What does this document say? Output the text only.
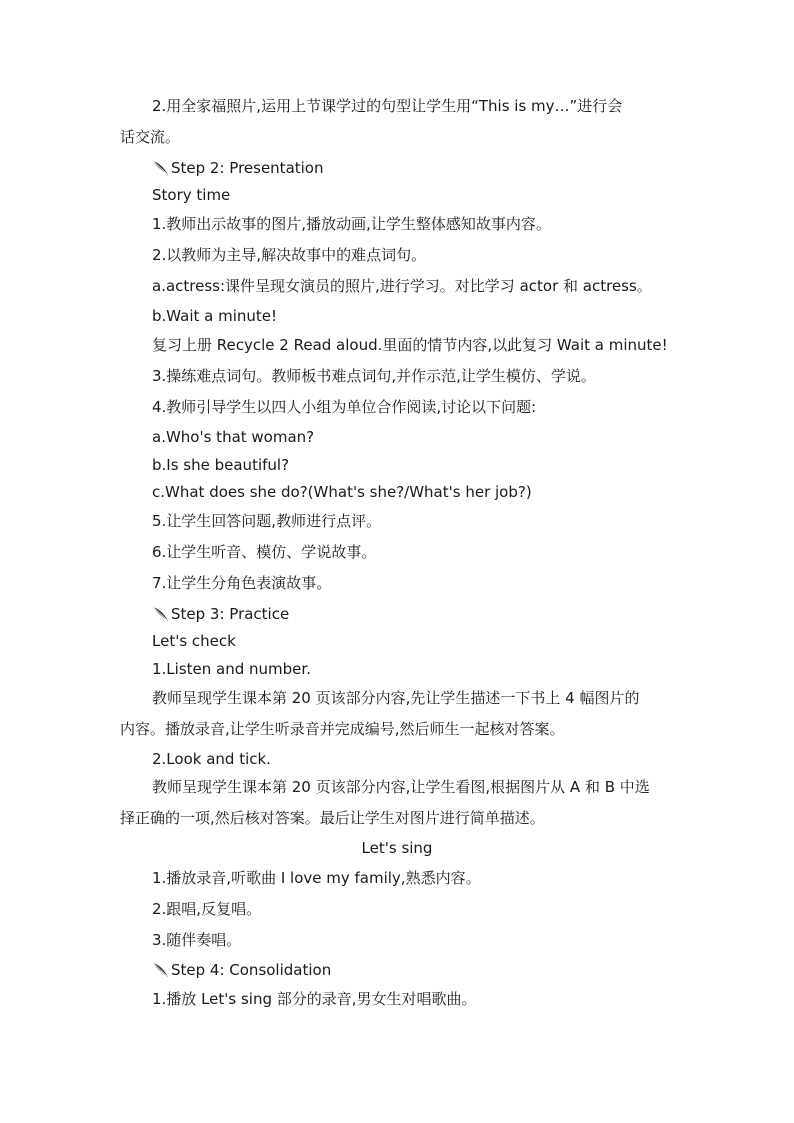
2.用全家福照片,运用上节课学过的句型让学生用“This is my…”进行会
话交流。
Step 2: Presentation
Story time
1.教师出示故事的图片,播放动画,让学生整体感知故事内容。
2.以教师为主导,解决故事中的难点词句。
a.actress:课件呈现女演员的照片,进行学习。对比学习 actor 和 actress。
b.Wait a minute!
复习上册 Recycle 2 Read aloud.里面的情节内容,以此复习 Wait a minute!
3.操练难点词句。教师板书难点词句,并作示范,让学生模仿、学说。
4.教师引导学生以四人小组为单位合作阅读,讨论以下问题:
a.Who's that woman?
b.Is she beautiful?
c.What does she do?(What's she?/What's her job?)
5.让学生回答问题,教师进行点评。
6.让学生听音、模仿、学说故事。
7.让学生分角色表演故事。
Step 3: Practice
Let's check
1.Listen and number.
教师呈现学生课本第 20 页该部分内容,先让学生描述一下书上 4 幅图片的
内容。播放录音,让学生听录音并完成编号,然后师生一起核对答案。
2.Look and tick.
教师呈现学生课本第 20 页该部分内容,让学生看图,根据图片从 A 和 B 中选
择正确的一项,然后核对答案。最后让学生对图片进行简单描述。
Let's sing
1.播放录音,听歌曲 I love my family,熟悉内容。
2.跟唱,反复唱。
3.随伴奏唱。
Step 4: Consolidation
1.播放 Let's sing 部分的录音,男女生对唱歌曲。
